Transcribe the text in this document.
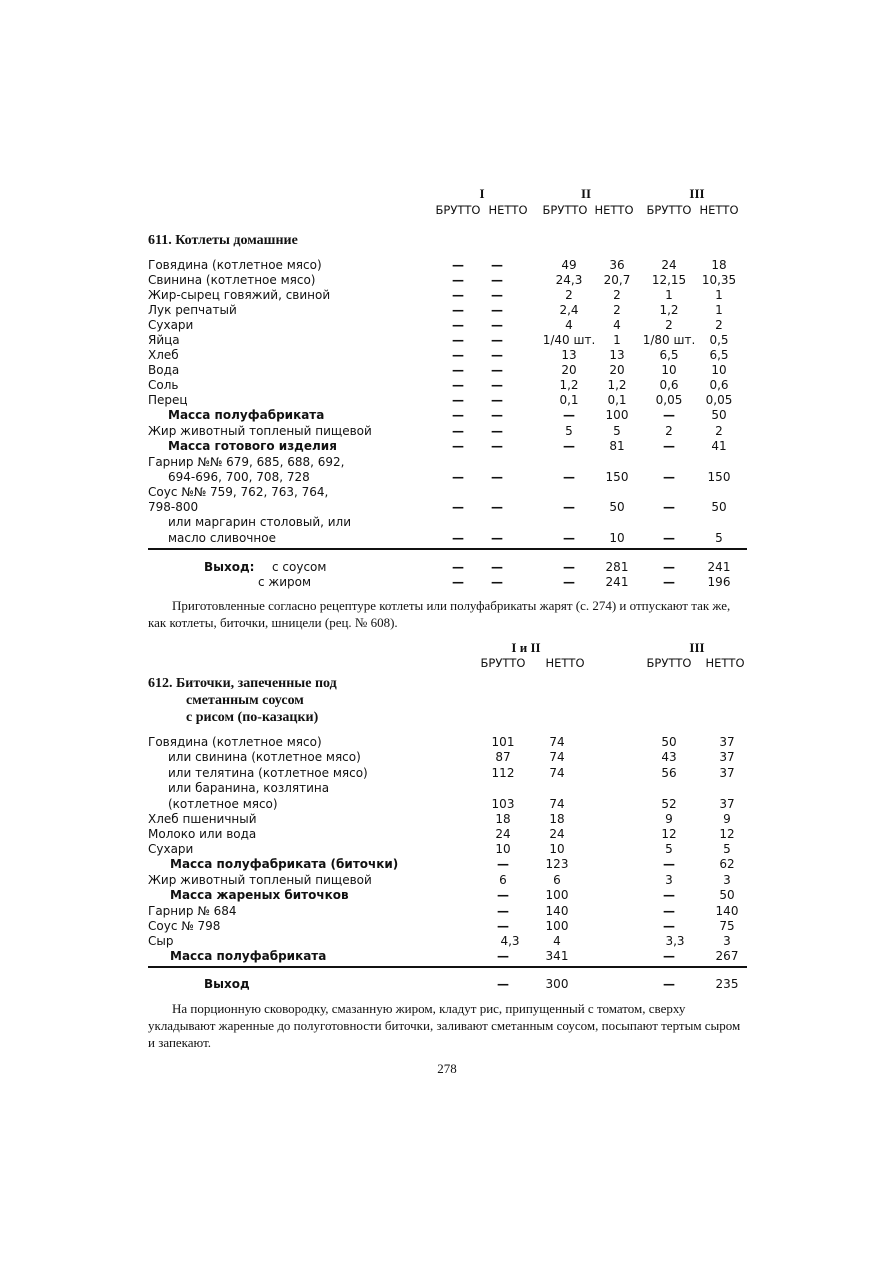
I	II	III
БРУТТО НЕТТО БРУТТО НЕТТО БРУТТО НЕТТО
611. Котлеты домашние
Говядина (котлетное мясо)	— —	49	36	24	18
Свинина (котлетное мясо)	— —	24,3 20,7 12,15 10,35
Жир-сырец говяжий, свиной	— —	2	2	1	1
Лук репчатый	— —	2,4	2	1,2	1
Сухари	— —	4	4	2	2
Яйца	— —	1/40 шт. 1 1/80 шт. 0,5
Хлеб	— —	13	13	6,5	6,5
Вода	— —	20	20	10	10
Соль	— —	1,2 1,2	0,6	0,6
Перец	— —	0,1 0,1 0,05 0,05
Масса полуфабриката	— —	—	100	—	50
Жир животный топленый пищевой	— —	5	5	2	2
Масса готового изделия	— —	—	81	—	41
Гарнир №№ 679, 685, 688, 692,
694-696, 700, 708, 728	— —	—	150	—	150
Соус №№ 759, 762, 763, 764,
798-800	— —	—	50	—	50
или маргарин столовый, или
масло сливочное	— —	—	10	—	5
Выход: с соусом	— —	—	281	—	241
с жиром	— —	—	241	—	196
Приготовленные согласно рецептуре котлеты или полуфабрикаты жарят (с. 274) и отпускают так же, как котлеты, биточки, шницели (рец. № 608).
I и II	III
БРУТТО НЕТТО	БРУТТО НЕТТО
612. Биточки, запеченные под
сметанным соусом
с рисом (по-казацки)
Говядина (котлетное мясо)	101	74	50	37
или свинина (котлетное мясо)	87	74	43	37
или телятина (котлетное мясо)	112	74	56	37
или баранина, козлятина
(котлетное мясо)	103	74	52	37
Хлеб пшеничный	18	18	9	9
Молоко или вода	24	24	12	12
Сухари	10	10	5	5
Масса полуфабриката (биточки)	—	123	—	62
Жир животный топленый пищевой	6	6	3	3
Масса жареных биточков	—	100	—	50
Гарнир № 684	—	140	—	140
Соус № 798	—	100	—	75
Сыр	4,3	4	3,3	3
Масса полуфабриката	—	341	—	267
Выход	—	300	—	235
На порционную сковородку, смазанную жиром, кладут рис, припущенный с томатом, сверху укладывают жаренные до полуготовности биточки, заливают сметанным соусом, посыпают тертым сыром и запекают.
278
